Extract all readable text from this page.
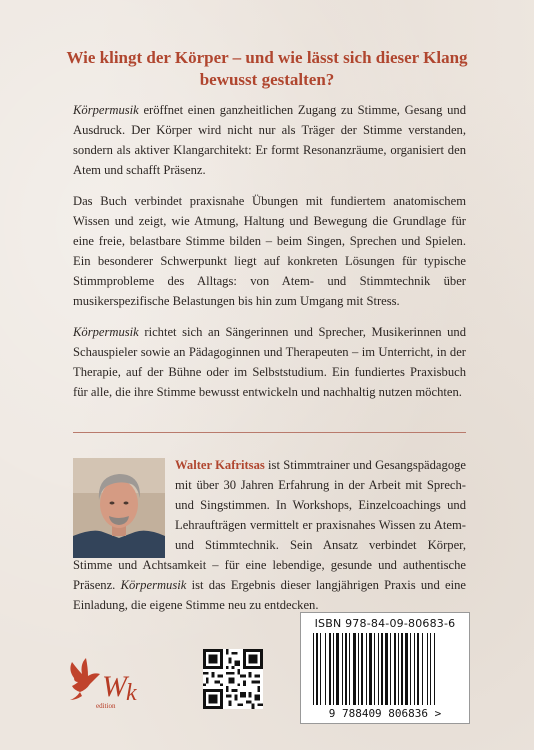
Wie klingt der Körper – und wie lässt sich dieser Klang bewusst gestalten?
Körpermusik eröffnet einen ganzheitlichen Zugang zu Stimme, Gesang und Ausdruck. Der Körper wird nicht nur als Träger der Stimme verstanden, sondern als aktiver Klangarchitekt: Er formt Resonanzräume, organisiert den Atem und schafft Präsenz.
Das Buch verbindet praxisnahe Übungen mit fundiertem anatomischem Wissen und zeigt, wie Atmung, Haltung und Bewegung die Grundlage für eine freie, belastbare Stimme bilden – beim Singen, Sprechen und Spielen. Ein besonderer Schwerpunkt liegt auf konkreten Lösungen für typische Stimmprobleme des Alltags: von Atem- und Stimmtechnik über musikerspezifische Belastungen bis hin zum Umgang mit Stress.
Körpermusik richtet sich an Sängerinnen und Sprecher, Musikerinnen und Schauspieler sowie an Pädagoginnen und Therapeuten – im Unterricht, in der Therapie, auf der Bühne oder im Selbststudium. Ein fundiertes Praxisbuch für alle, die ihre Stimme bewusst entwickeln und nachhaltig nutzen möchten.
Walter Kafritsas ist Stimmtrainer und Gesangspädagoge mit über 30 Jahren Erfahrung in der Arbeit mit Sprech- und Singstimmen. In Workshops, Einzelcoachings und Lehraufträgen vermittelt er praxisnahes Wissen zu Atem- und Stimmtechnik. Sein Ansatz verbindet Körper, Stimme und Achtsamkeit – für eine lebendige, gesunde und authentische Präsenz. Körpermusik ist das Ergebnis dieser langjährigen Praxis und eine Einladung, die eigene Stimme neu zu entdecken.
W k
edition
ISBN 978-84-09-80683-6
9 788409 806836 >
